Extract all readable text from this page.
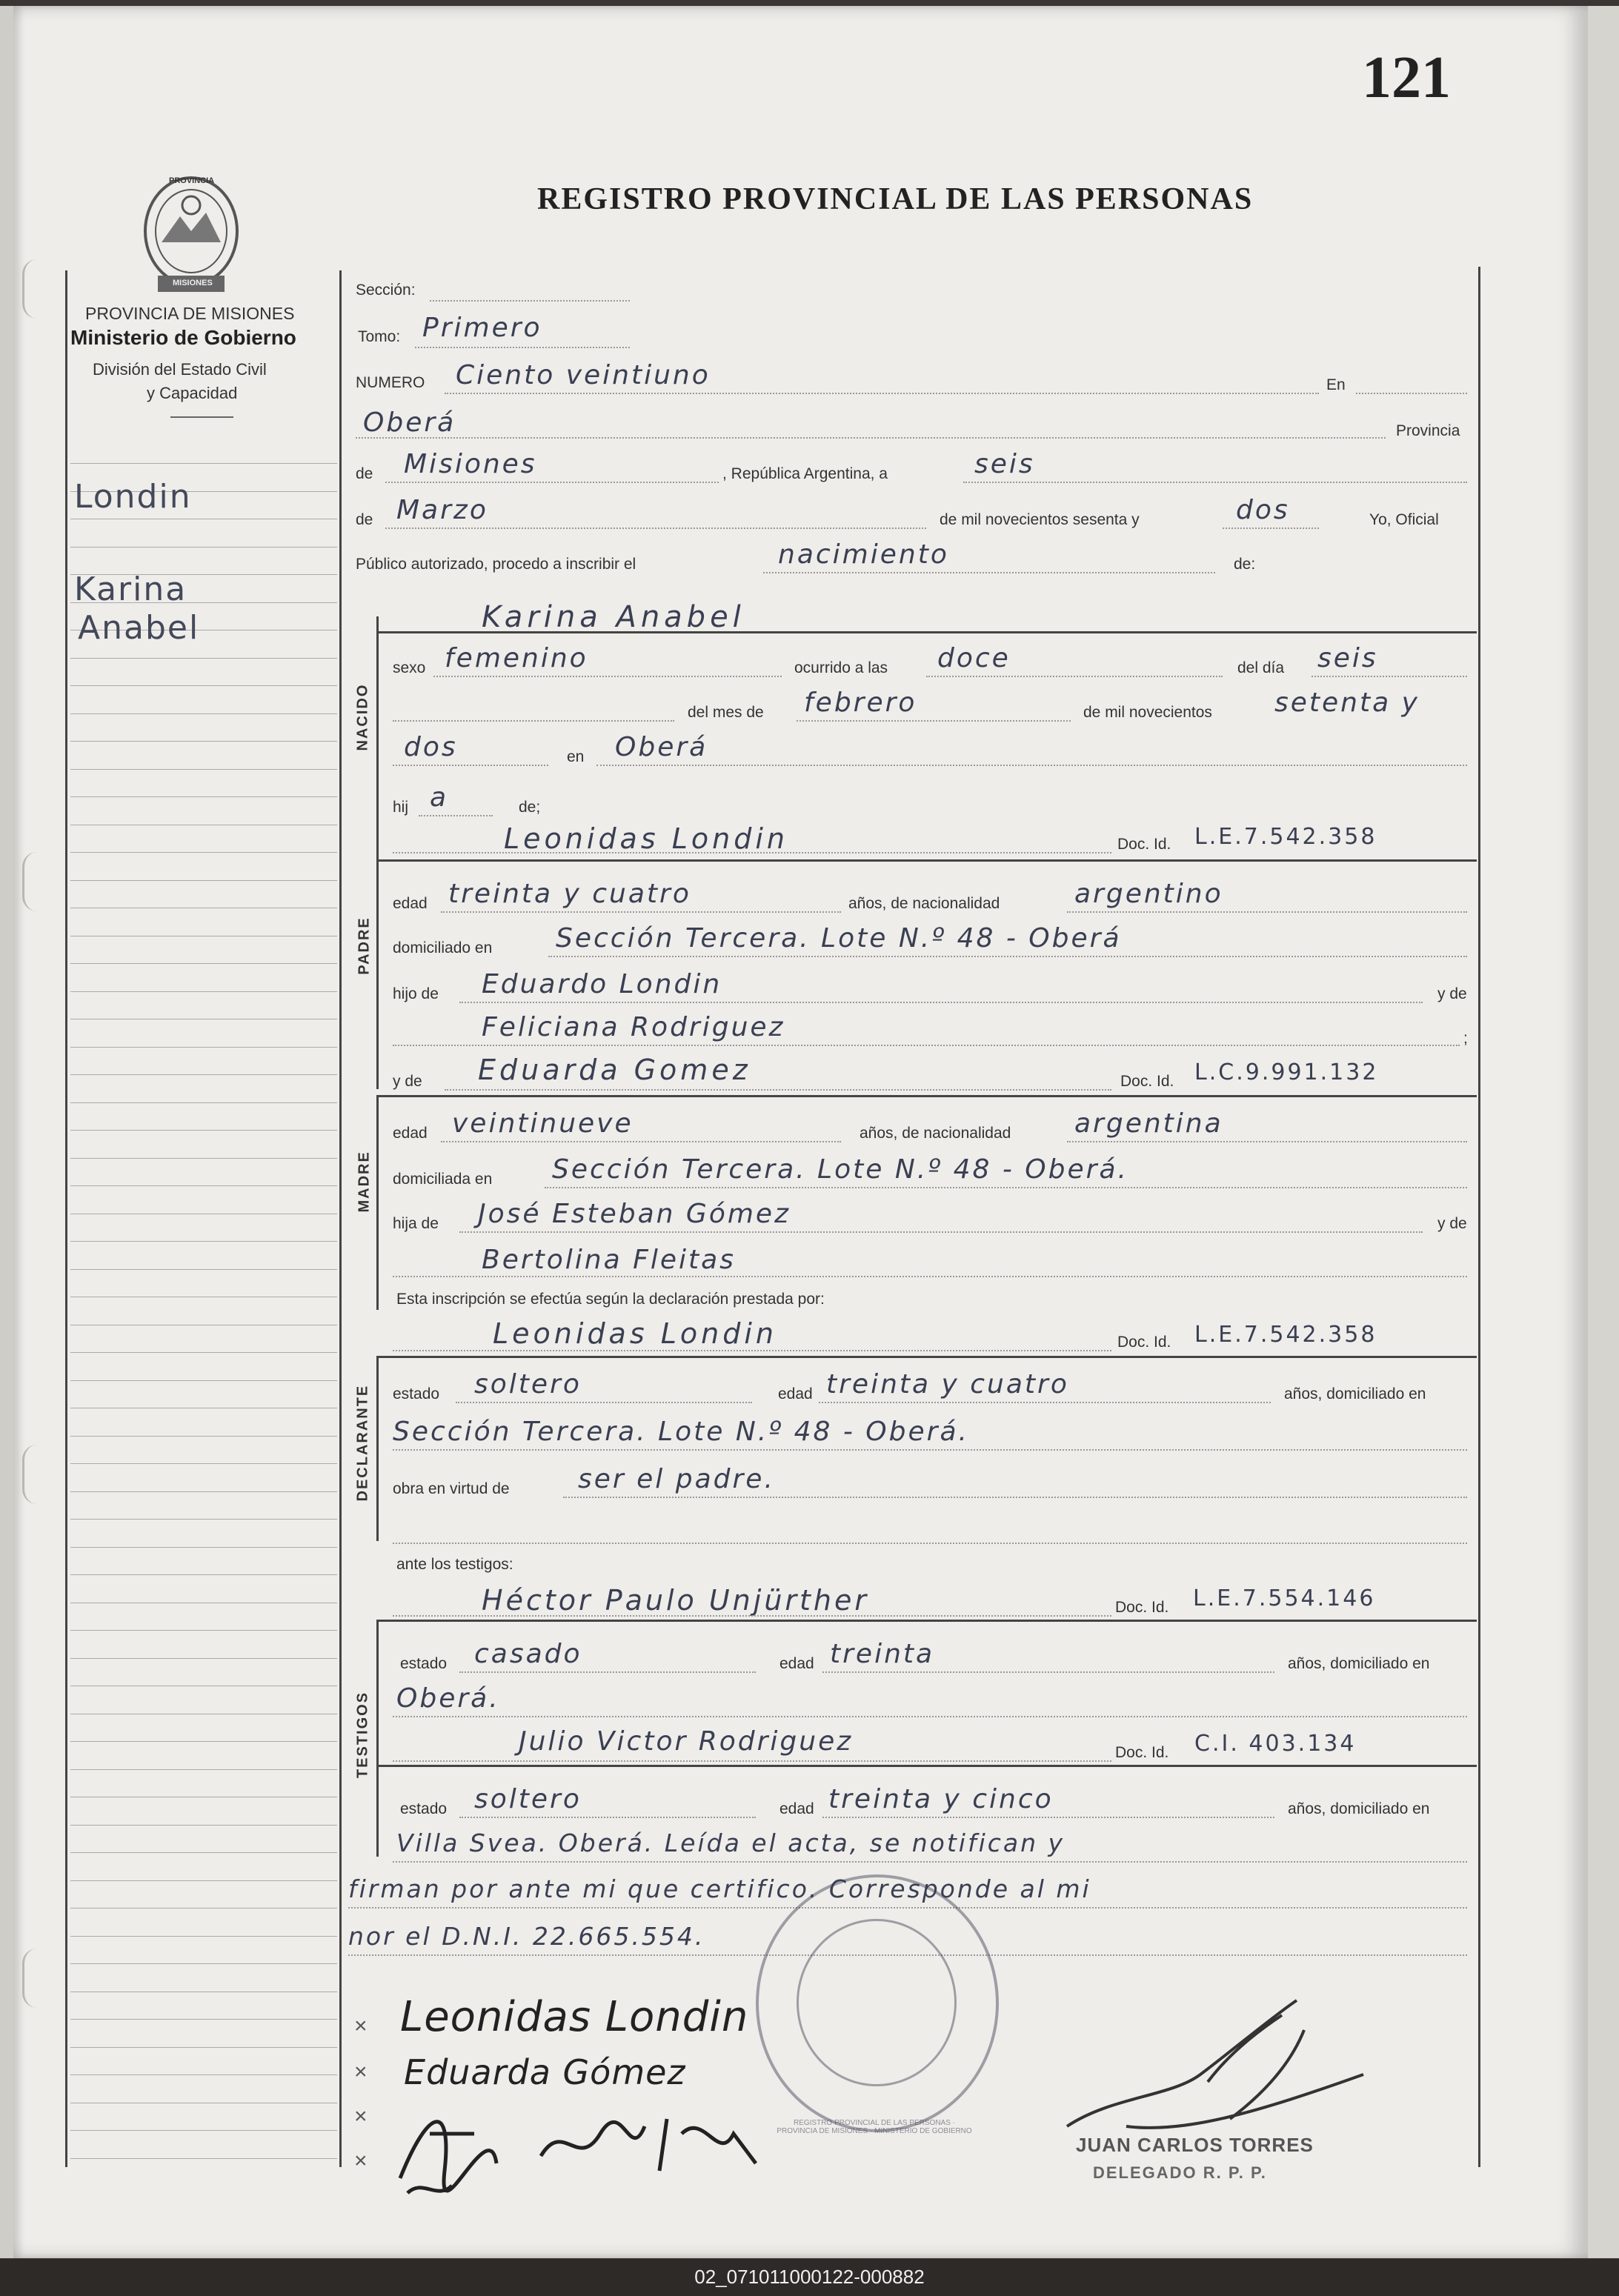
121
REGISTRO PROVINCIAL DE LAS PERSONAS
PROVINCIA
MISIONES
PROVINCIA DE MISIONES
Ministerio de Gobierno
División del Estado Civil
y Capacidad
Londin
Karina
Anabel
Sección:
Tomo: Primero
NUMERO Ciento veintiuno	En
Oberá	Provincia
de Misiones	, República Argentina, a	seis
de Marzo	de mil novecientos sesenta y	dos	Yo, Oficial
Público autorizado, procedo a inscribir el	nacimiento	de:
NACIDO
Karina Anabel
sexo femenino	ocurrido a las doce	del día seis
del mes de febrero	de mil novecientos setenta y
dos	en Oberá
hij a	de;
Leonidas Londin	Doc. Id. L.E.7.542.358
PADRE
edad treinta y cuatro	años, de nacionalidad	argentino
domiciliado en Sección Tercera. Lote N.º 48 - Oberá
hijo de Eduardo Londin	y de
Feliciana Rodriguez	;
y de Eduarda Gomez	Doc. Id. L.C.9.991.132
MADRE
edad veintinueve	años, de nacionalidad argentina
domiciliada en Sección Tercera. Lote N.º 48 - Oberá.
hija de José Esteban Gómez	y de
Bertolina Fleitas
Esta inscripción se efectúa según la declaración prestada por:
Leonidas Londin	Doc. Id. L.E.7.542.358
DECLARANTE estado soltero	edad treinta y cuatro	años, domiciliado en
Sección Tercera. Lote N.º 48 - Oberá.
obra en virtud de	ser el padre.
ante los testigos:
Héctor Paulo Unjürther	Doc. Id. L.E.7.554.146
TESTIGOS
estado casado	edad treinta	años, domiciliado en
Oberá.
Julio Victor Rodriguez	Doc. Id. C.I. 403.134
estado soltero	edad treinta y cinco	años, domiciliado en
Villa Svea. Oberá. Leída el acta, se notifican y
firman por ante mi que certifico. Corresponde al mi
nor el D.N.I. 22.665.554.
REGISTRO PROVINCIAL DE LAS PERSONAS · PROVINCIA DE MISIONES · MINISTERIO DE GOBIERNO
×
×
×
×
Leonidas Londin
Eduarda Gómez
JUAN CARLOS TORRES
DELEGADO R. P. P.
02_071011000122-000882
